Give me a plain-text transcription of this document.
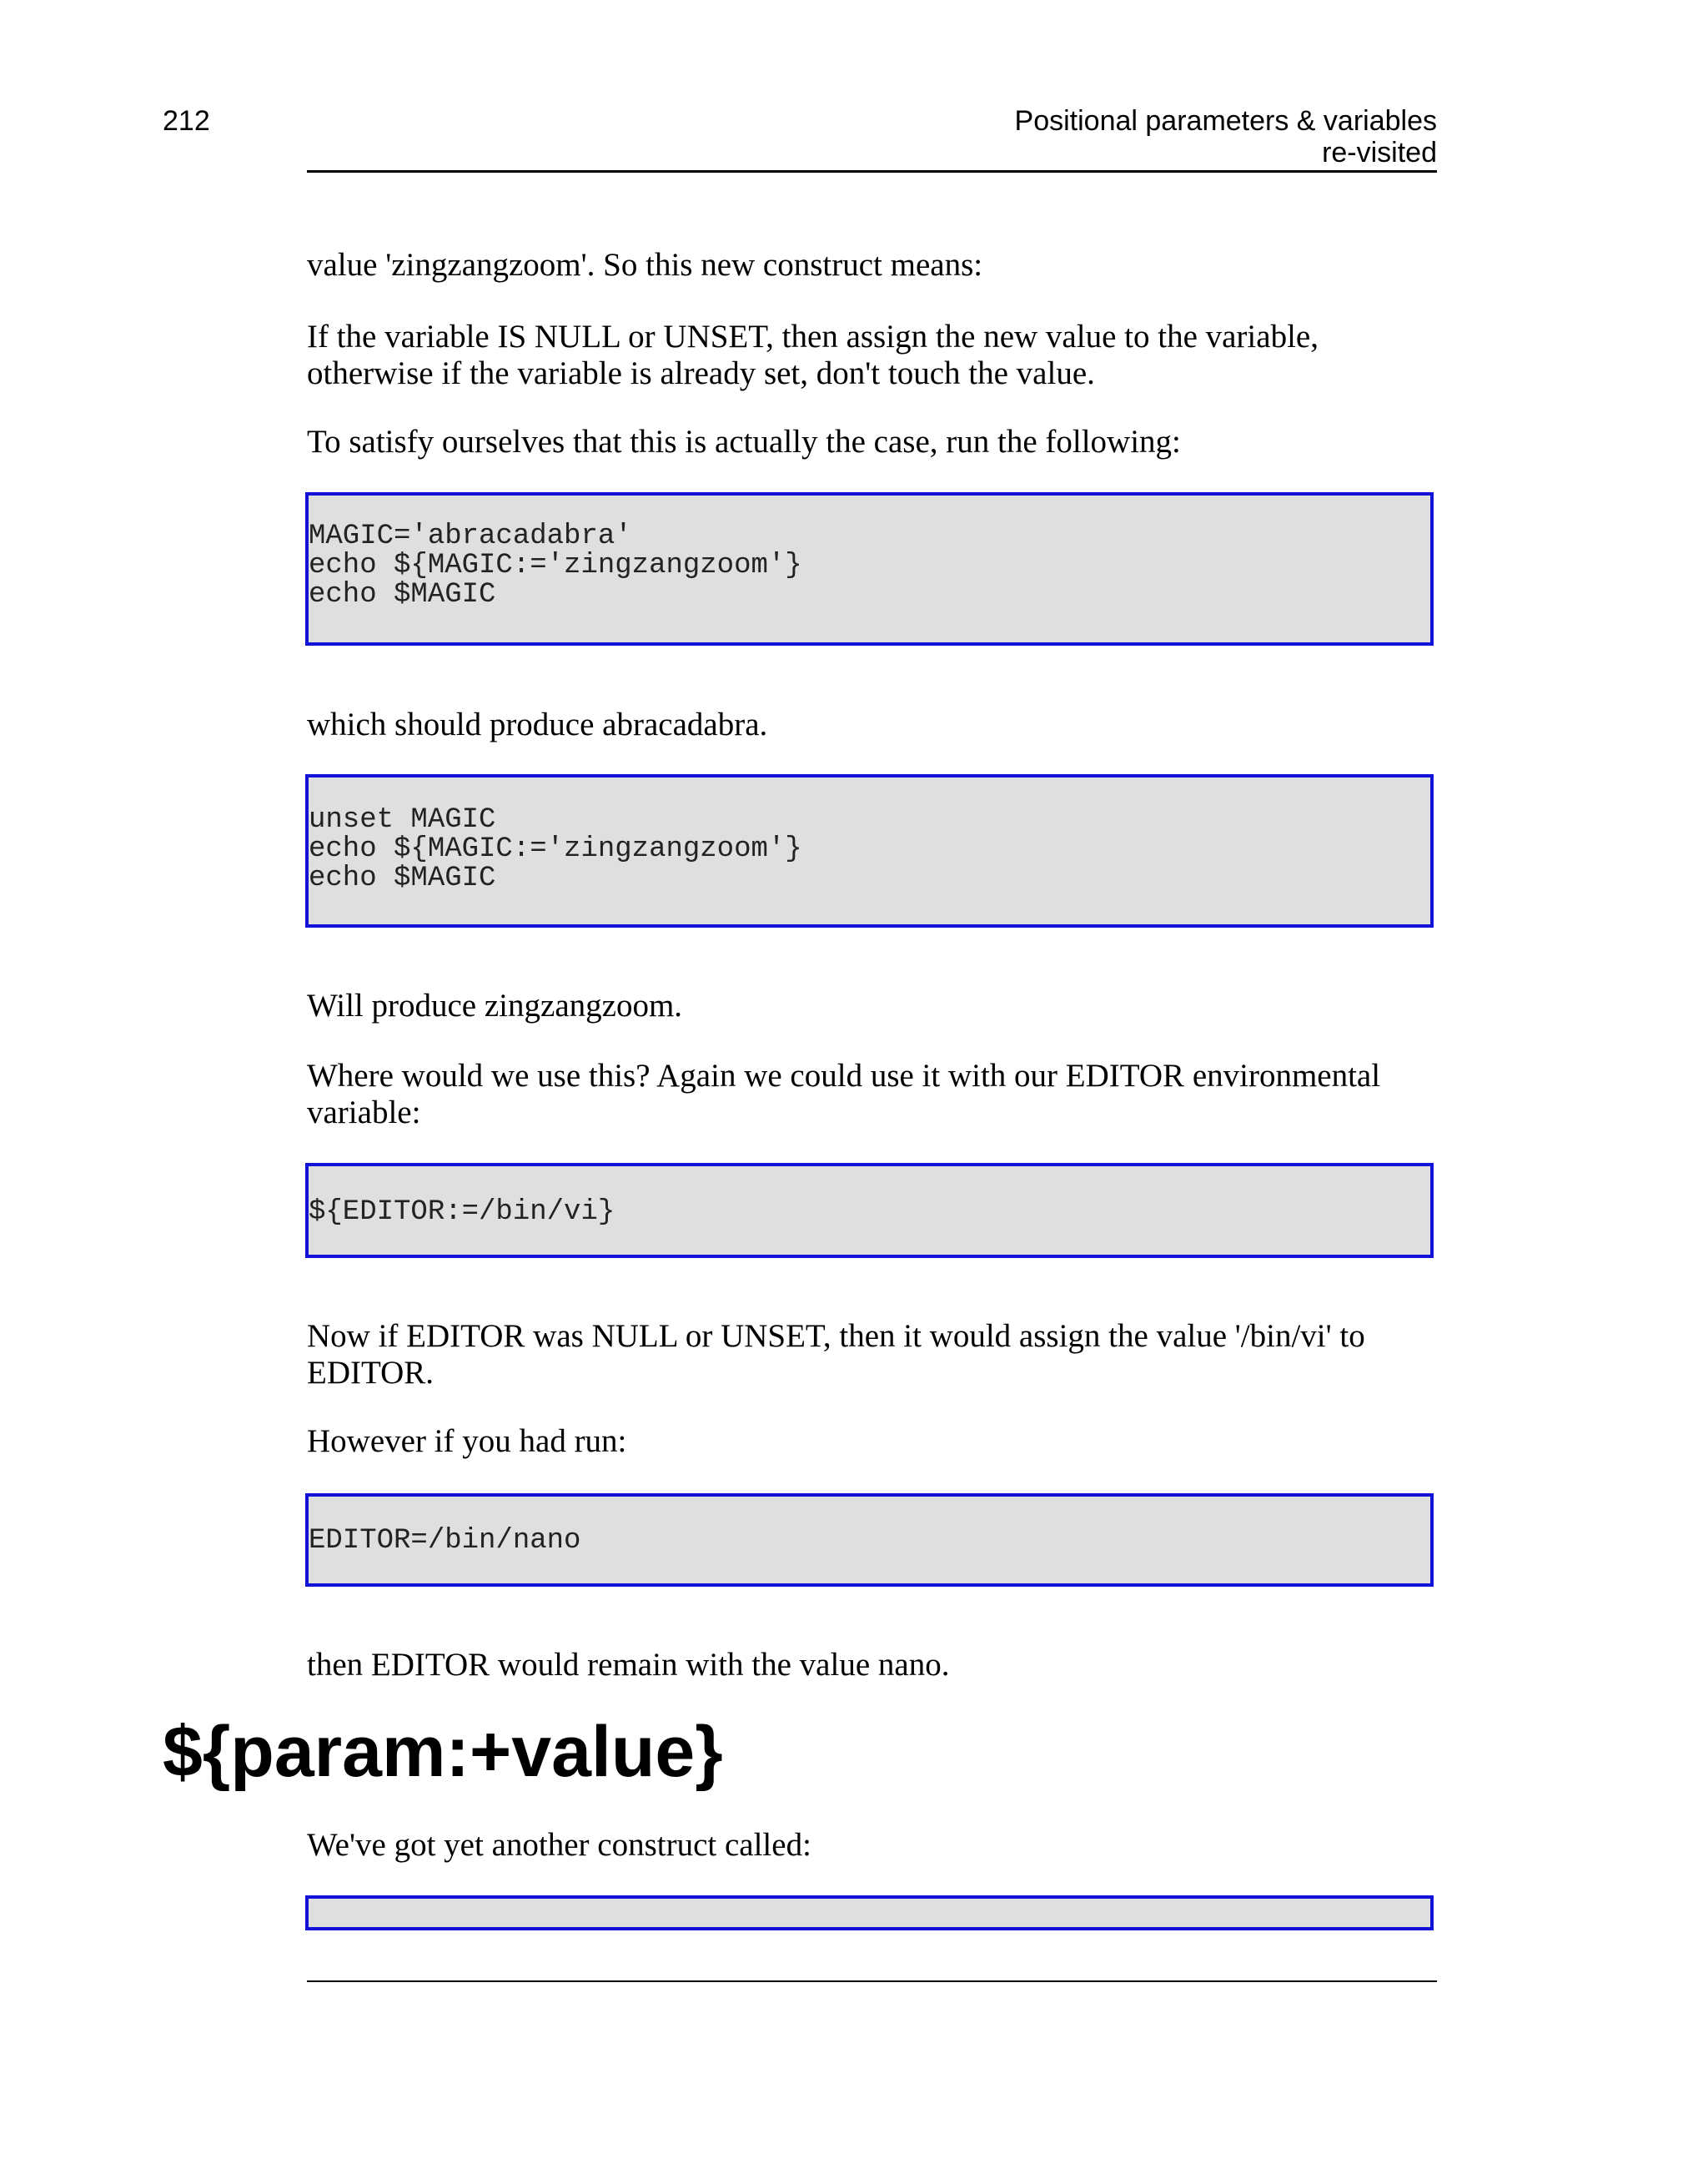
212	Positional parameters & variables
re-visited
value 'zingzangzoom'. So this new construct means:
If the variable IS NULL or UNSET, then assign the new value to the variable, otherwise if the variable is already set, don't touch the value.
To satisfy ourselves that this is actually the case, run the following:
MAGIC='abracadabra'
echo ${MAGIC:='zingzangzoom'}
echo $MAGIC
which should produce abracadabra.
unset MAGIC
echo ${MAGIC:='zingzangzoom'}
echo $MAGIC
Will produce zingzangzoom.
Where would we use this? Again we could use it with our EDITOR environmental variable:
${EDITOR:=/bin/vi}
Now if EDITOR was NULL or UNSET, then it would assign the value '/bin/vi' to EDITOR.
However if you had run:
EDITOR=/bin/nano
then EDITOR would remain with the value nano.
${param:+value}
We've got yet another construct called:
